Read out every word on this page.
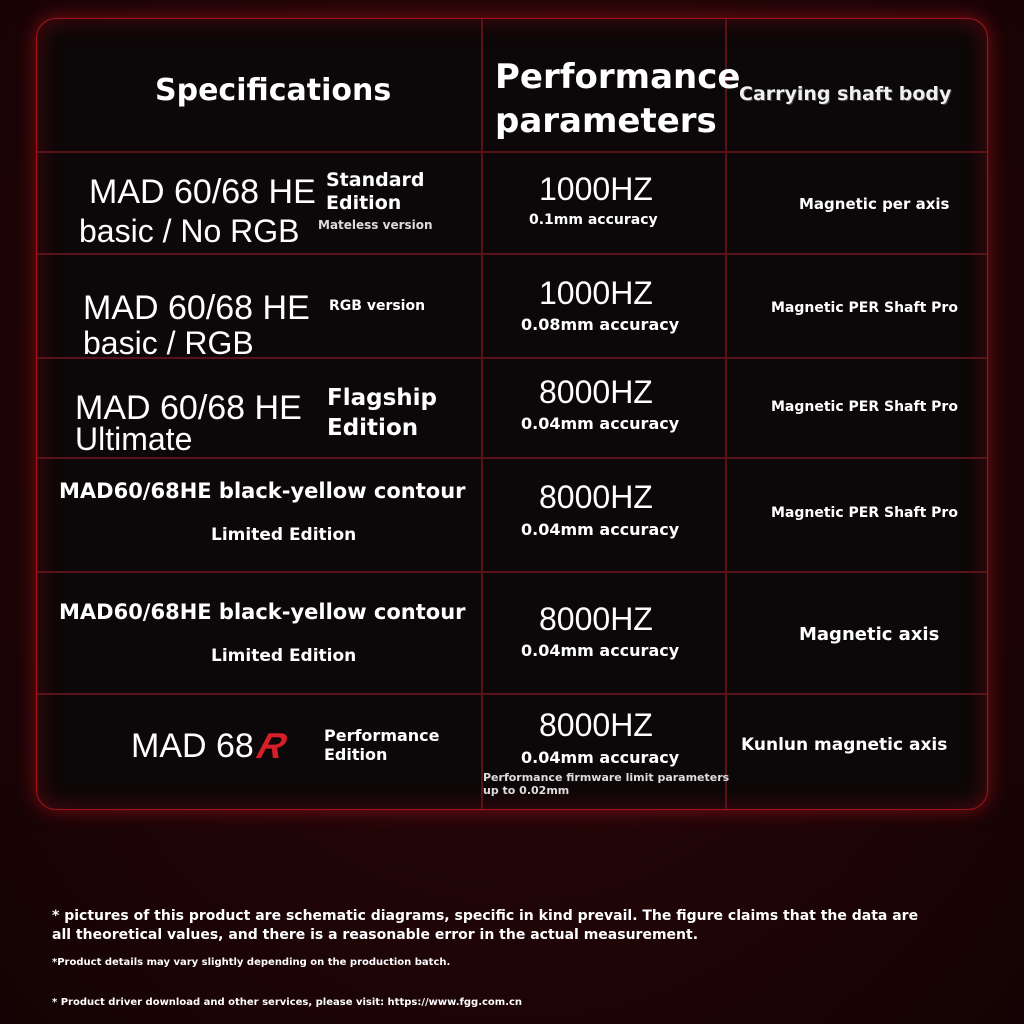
Specifications	Performance
parameters
Carrying shaft body
MAD 60/68 HE
basic / No RGB
Standard
Edition
Mateless version
1000HZ
0.1mm accuracy
Magnetic per axis
MAD 60/68 HE
basic / RGB
RGB version	1000HZ
0.08mm accuracy
Magnetic PER Shaft Pro
MAD 60/68 HE
Ultimate
Flagship
Edition
8000HZ
0.04mm accuracy
Magnetic PER Shaft Pro
MAD60/68HE black-yellow contour
Limited Edition
8000HZ
0.04mm accuracy
Magnetic PER Shaft Pro
MAD60/68HE black-yellow contour
Limited Edition
8000HZ
0.04mm accuracy
Magnetic axis
MAD 68
R Performance
Edition
8000HZ
0.04mm accuracy
Performance firmware limit parameters
up to 0.02mm
Kunlun magnetic axis
* pictures of this product are schematic diagrams, specific in kind prevail. The figure claims that the data are
all theoretical values, and there is a reasonable error in the actual measurement.
*Product details may vary slightly depending on the production batch.
* Product driver download and other services, please visit: https://www.fgg.com.cn
